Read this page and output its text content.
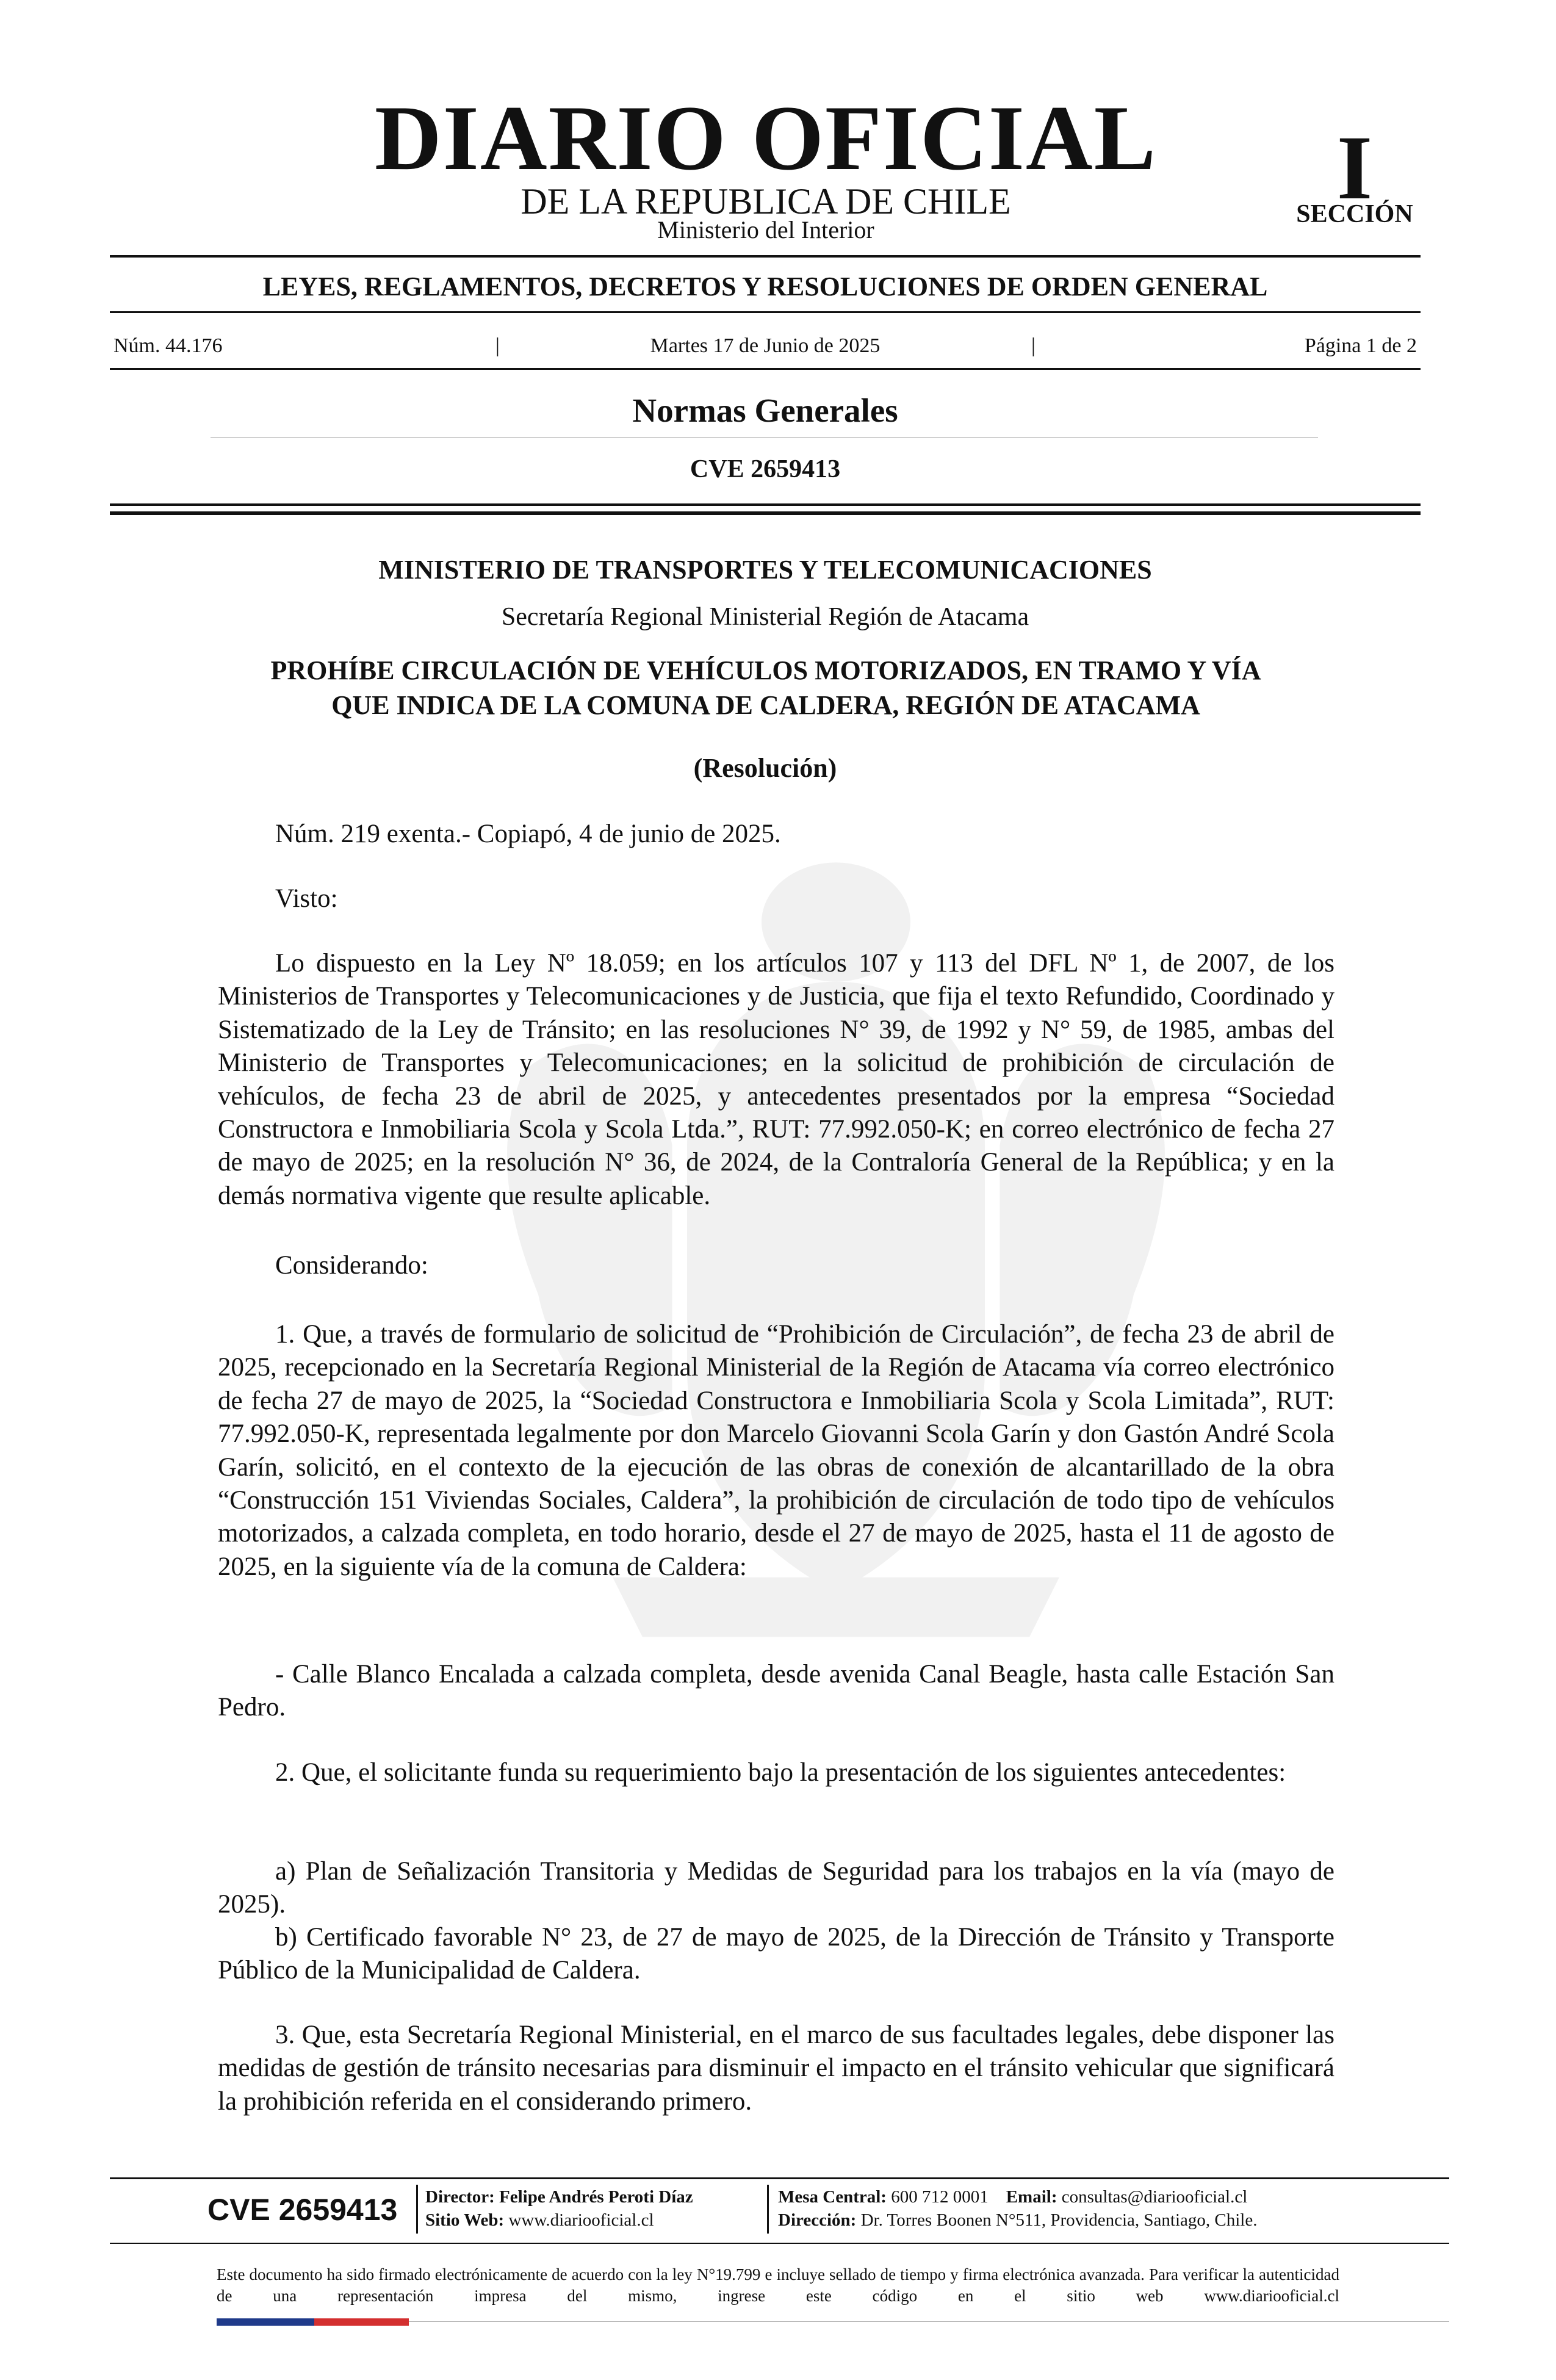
DIARIO OFICIAL
DE LA REPUBLICA DE CHILE
Ministerio del Interior
I
SECCIÓN
LEYES, REGLAMENTOS, DECRETOS Y RESOLUCIONES DE ORDEN GENERAL
Núm. 44.176	|	Martes 17 de Junio de 2025	|	Página 1 de 2
Normas Generales
CVE 2659413
MINISTERIO DE TRANSPORTES Y TELECOMUNICACIONES
Secretaría Regional Ministerial Región de Atacama
PROHÍBE CIRCULACIÓN DE VEHÍCULOS MOTORIZADOS, EN TRAMO Y VÍA
QUE INDICA DE LA COMUNA DE CALDERA, REGIÓN DE ATACAMA
(Resolución)
Núm. 219 exenta.- Copiapó, 4 de junio de 2025.
Visto:
Lo dispuesto en la Ley Nº 18.059; en los artículos 107 y 113 del DFL Nº 1, de 2007, de los Ministerios de Transportes y Telecomunicaciones y de Justicia, que fija el texto Refundido, Coordinado y Sistematizado de la Ley de Tránsito; en las resoluciones N° 39, de 1992 y N° 59, de 1985, ambas del Ministerio de Transportes y Telecomunicaciones; en la solicitud de prohibición de circulación de vehículos, de fecha 23 de abril de 2025, y antecedentes presentados por la empresa “Sociedad Constructora e Inmobiliaria Scola y Scola Ltda.”, RUT: 77.992.050-K; en correo electrónico de fecha 27 de mayo de 2025; en la resolución N° 36, de 2024, de la Contraloría General de la República; y en la demás normativa vigente que resulte aplicable.
Considerando:
1. Que, a través de formulario de solicitud de “Prohibición de Circulación”, de fecha 23 de abril de 2025, recepcionado en la Secretaría Regional Ministerial de la Región de Atacama vía correo electrónico de fecha 27 de mayo de 2025, la “Sociedad Constructora e Inmobiliaria Scola y Scola Limitada”, RUT: 77.992.050-K, representada legalmente por don Marcelo Giovanni Scola Garín y don Gastón André Scola Garín, solicitó, en el contexto de la ejecución de las obras de conexión de alcantarillado de la obra “Construcción 151 Viviendas Sociales, Caldera”, la prohibición de circulación de todo tipo de vehículos motorizados, a calzada completa, en todo horario, desde el 27 de mayo de 2025, hasta el 11 de agosto de 2025, en la siguiente vía de la comuna de Caldera:
- Calle Blanco Encalada a calzada completa, desde avenida Canal Beagle, hasta calle Estación San Pedro.
2. Que, el solicitante funda su requerimiento bajo la presentación de los siguientes antecedentes:
a) Plan de Señalización Transitoria y Medidas de Seguridad para los trabajos en la vía (mayo de 2025).
b) Certificado favorable N° 23, de 27 de mayo de 2025, de la Dirección de Tránsito y Transporte Público de la Municipalidad de Caldera.
3. Que, esta Secretaría Regional Ministerial, en el marco de sus facultades legales, debe disponer las medidas de gestión de tránsito necesarias para disminuir el impacto en el tránsito vehicular que significará la prohibición referida en el considerando primero.
CVE 2659413 Director: Felipe Andrés Peroti Díaz
Sitio Web: www.diariooficial.cl
Mesa Central: 600 712 0001 Email: consultas@diariooficial.cl
Dirección: Dr. Torres Boonen N°511, Providencia, Santiago, Chile.
Este documento ha sido firmado electrónicamente de acuerdo con la ley N°19.799 e incluye sellado de tiempo y firma electrónica avanzada. Para verificar la autenticidad de una representación impresa del mismo, ingrese este código en el sitio web www.diariooficial.cl
